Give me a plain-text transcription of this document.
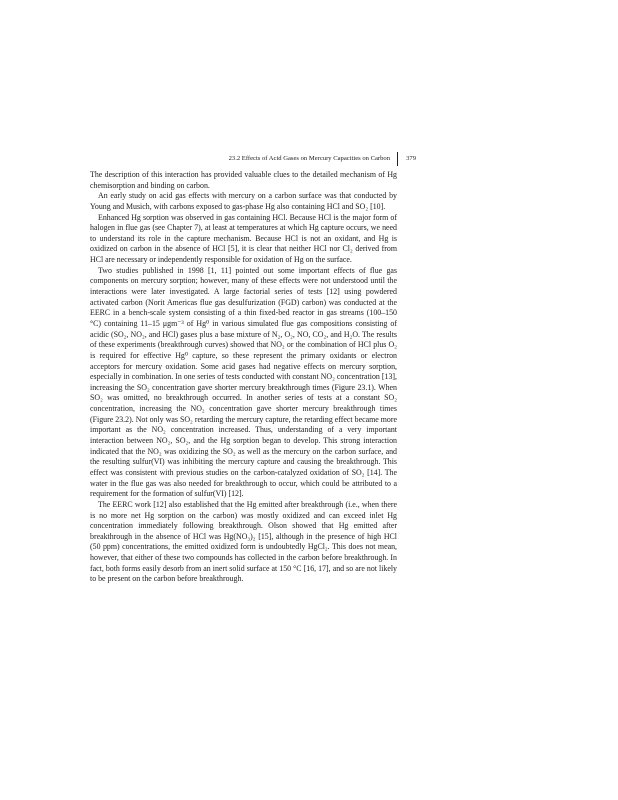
23.2 Effects of Acid Gases on Mercury Capacities on Carbon 379

The description of this interaction has provided valuable clues to the detailed mechanism of Hg chemisorption and binding on carbon.

An early study on acid gas effects with mercury on a carbon surface was that conducted by Young and Musich, with carbons exposed to gas-phase Hg also containing HCl and SO₂ [10].

Enhanced Hg sorption was observed in gas containing HCl. Because HCl is the major form of halogen in flue gas (see Chapter 7), at least at temperatures at which Hg capture occurs, we need to understand its role in the capture mechanism. Because HCl is not an oxidant, and Hg is oxidized on carbon in the absence of HCl [5], it is clear that neither HCl nor Cl₂ derived from HCl are necessary or independently responsible for oxidation of Hg on the surface.

Two studies published in 1998 [1, 11] pointed out some important effects of flue gas components on mercury sorption; however, many of these effects were not understood until the interactions were later investigated. A large factorial series of tests [12] using powdered activated carbon (Norit Americas flue gas desulfurization (FGD) carbon) was conducted at the EERC in a bench-scale system consisting of a thin fixed-bed reactor in gas streams (100–150 °C) containing 11–15 μgm⁻³ of Hg⁰ in various simulated flue gas compositions consisting of acidic (SO₂, NO₂, and HCl) gases plus a base mixture of N₂, O₂, NO, CO₂, and H₂O. The results of these experiments (breakthrough curves) showed that NO₂ or the combination of HCl plus O₂ is required for effective Hg⁰ capture, so these represent the primary oxidants or electron acceptors for mercury oxidation. Some acid gases had negative effects on mercury sorption, especially in combination. In one series of tests conducted with constant NO₂ concentration [13], increasing the SO₂ concentration gave shorter mercury breakthrough times (Figure 23.1). When SO₂ was omitted, no breakthrough occurred. In another series of tests at a constant SO₂ concentration, increasing the NO₂ concentration gave shorter mercury breakthrough times (Figure 23.2). Not only was SO₂ retarding the mercury capture, the retarding effect became more important as the NO₂ concentration increased. Thus, understanding of a very important interaction between NO₂, SO₂, and the Hg sorption began to develop. This strong interaction indicated that the NO₂ was oxidizing the SO₂ as well as the mercury on the carbon surface, and the resulting sulfur(VI) was inhibiting the mercury capture and causing the breakthrough. This effect was consistent with previous studies on the carbon-catalyzed oxidation of SO₂ [14]. The water in the flue gas was also needed for breakthrough to occur, which could be attributed to a requirement for the formation of sulfur(VI) [12].

The EERC work [12] also established that the Hg emitted after breakthrough (i.e., when there is no more net Hg sorption on the carbon) was mostly oxidized and can exceed inlet Hg concentration immediately following breakthrough. Olson showed that Hg emitted after breakthrough in the absence of HCl was Hg(NO₃)₂ [15], although in the presence of high HCl (50 ppm) concentrations, the emitted oxidized form is undoubtedly HgCl₂. This does not mean, however, that either of these two compounds has collected in the carbon before breakthrough. In fact, both forms easily desorb from an inert solid surface at 150 °C [16, 17], and so are not likely to be present on the carbon before breakthrough.
